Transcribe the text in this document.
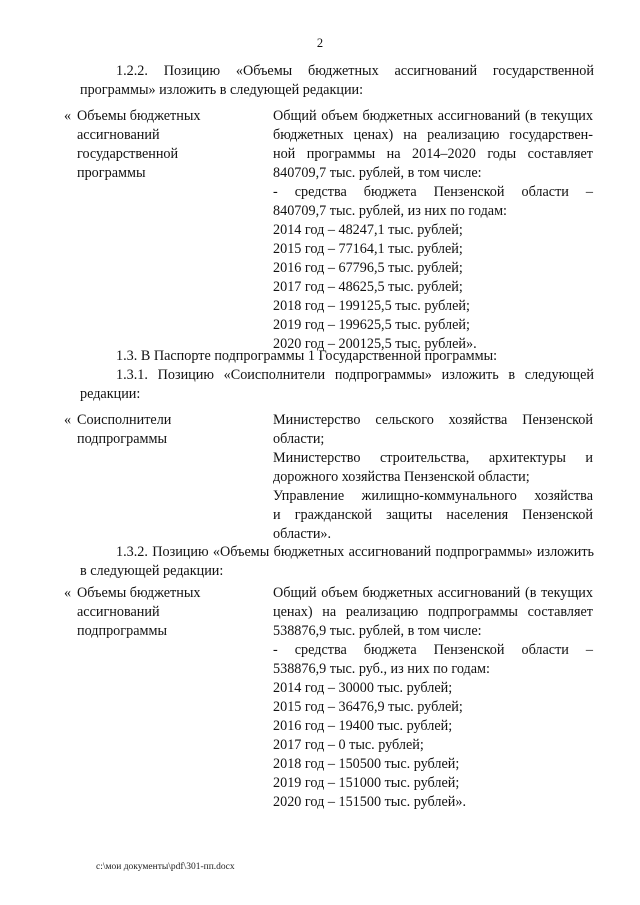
2
1.2.2. Позицию «Объемы бюджетных ассигнований государственной программы» изложить в следующей редакции:
« Объемы бюджетных
ассигнований
государственной
программы
Общий объем бюджетных ассигнований (в текущих
бюджетных ценах) на реализацию государствен-
ной программы на 2014–2020 годы составляет
840709,7 тыс. рублей, в том числе:
- средства бюджета Пензенской области –
840709,7 тыс. рублей, из них по годам:
2014 год – 48247,1 тыс. рублей;
2015 год – 77164,1 тыс. рублей;
2016 год – 67796,5 тыс. рублей;
2017 год – 48625,5 тыс. рублей;
2018 год – 199125,5 тыс. рублей;
2019 год – 199625,5 тыс. рублей;
2020 год – 200125,5 тыс. рублей».
1.3. В Паспорте подпрограммы 1 Государственной программы:
1.3.1. Позицию «Соисполнители подпрограммы» изложить в следующей редакции:
« Соисполнители
подпрограммы
Министерство сельского хозяйства Пензенской
области;
Министерство строительства, архитектуры и
дорожного хозяйства Пензенской области;
Управление жилищно-коммунального хозяйства
и гражданской защиты населения Пензенской
области».
1.3.2. Позицию «Объемы бюджетных ассигнований подпрограммы» изложить в следующей редакции:
« Объемы бюджетных
ассигнований
подпрограммы
Общий объем бюджетных ассигнований (в текущих
ценах) на реализацию подпрограммы составляет
538876,9 тыс. рублей, в том числе:
- средства бюджета Пензенской области –
538876,9 тыс. руб., из них по годам:
2014 год – 30000 тыс. рублей;
2015 год – 36476,9 тыс. рублей;
2016 год – 19400 тыс. рублей;
2017 год – 0 тыс. рублей;
2018 год – 150500 тыс. рублей;
2019 год – 151000 тыс. рублей;
2020 год – 151500 тыс. рублей».
c:\мои документы\pdf\301-пп.docx
